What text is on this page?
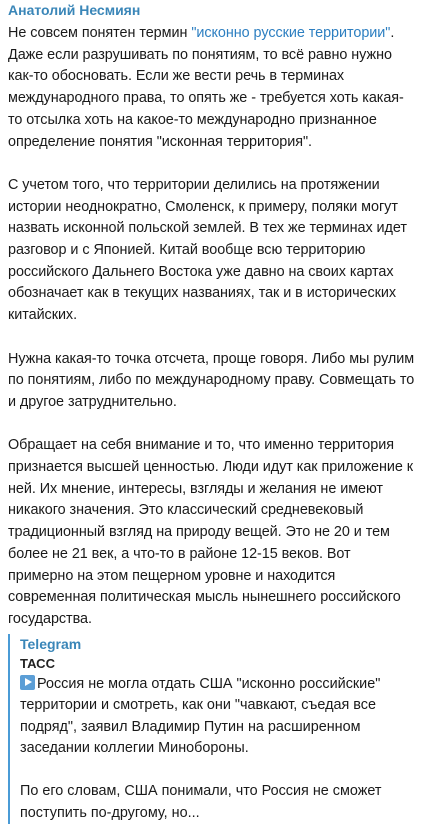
Анатолий Несмиян

Не совсем понятен термин "исконно русские территории". Даже если разрушивать по понятиям, то всё равно нужно как-то обосновать. Если же вести речь в терминах международного права, то опять же - требуется хоть какая-то отсылка хоть на какое-то международно признанное определение понятия "исконная территория".

С учетом того, что территории делились на протяжении истории неоднократно, Смоленск, к примеру, поляки могут назвать исконной польской землей. В тех же терминах идет разговор и с Японией. Китай вообще всю территорию российского Дальнего Востока уже давно на своих картах обозначает как в текущих названиях, так и в исторических китайских.

Нужна какая-то точка отсчета, проще говоря. Либо мы рулим по понятиям, либо по международному праву. Совмещать то и другое затруднительно.

Обращает на себя внимание и то, что именно территория признается высшей ценностью. Люди идут как приложение к ней. Их мнение, интересы, взгляды и желания не имеют никакого значения. Это классический средневековый традиционный взгляд на природу вещей. Это не 20 и тем более не 21 век, а что-то в районе 12-15 веков. Вот примерно на этом пещерном уровне и находится современная политическая мысль нынешнего российского государства.

Telegram
ТАСС
Россия не могла отдать США "исконно российские" территории и смотреть, как они "чавкают, съедая все подряд", заявил Владимир Путин на расширенном заседании коллегии Минобороны.
По его словам, США понимали, что Россия не сможет поступить по-другому, но...
